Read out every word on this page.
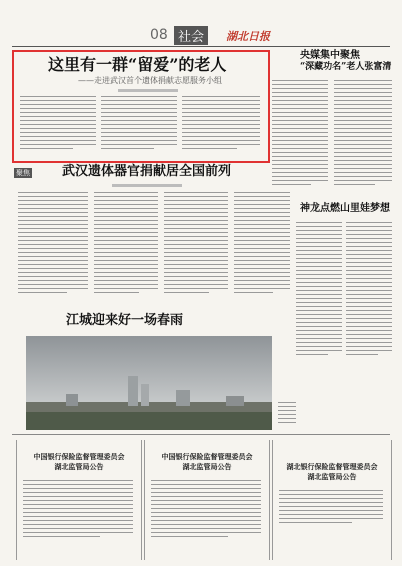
08 社会	湖北日报
这里有一群“留爱”的老人
——走进武汉首个遗体捐献志愿服务小组
央媒集中聚焦
“深藏功名”老人张富清
聚焦 武汉遗体器官捐献居全国前列
神龙点燃山里娃梦想
江城迎来好一场春雨
中国银行保险监督管理委员会
湖北监管局公告
中国银行保险监督管理委员会
湖北监管局公告	湖北银行保险监督管理委员会
湖北监管局公告
